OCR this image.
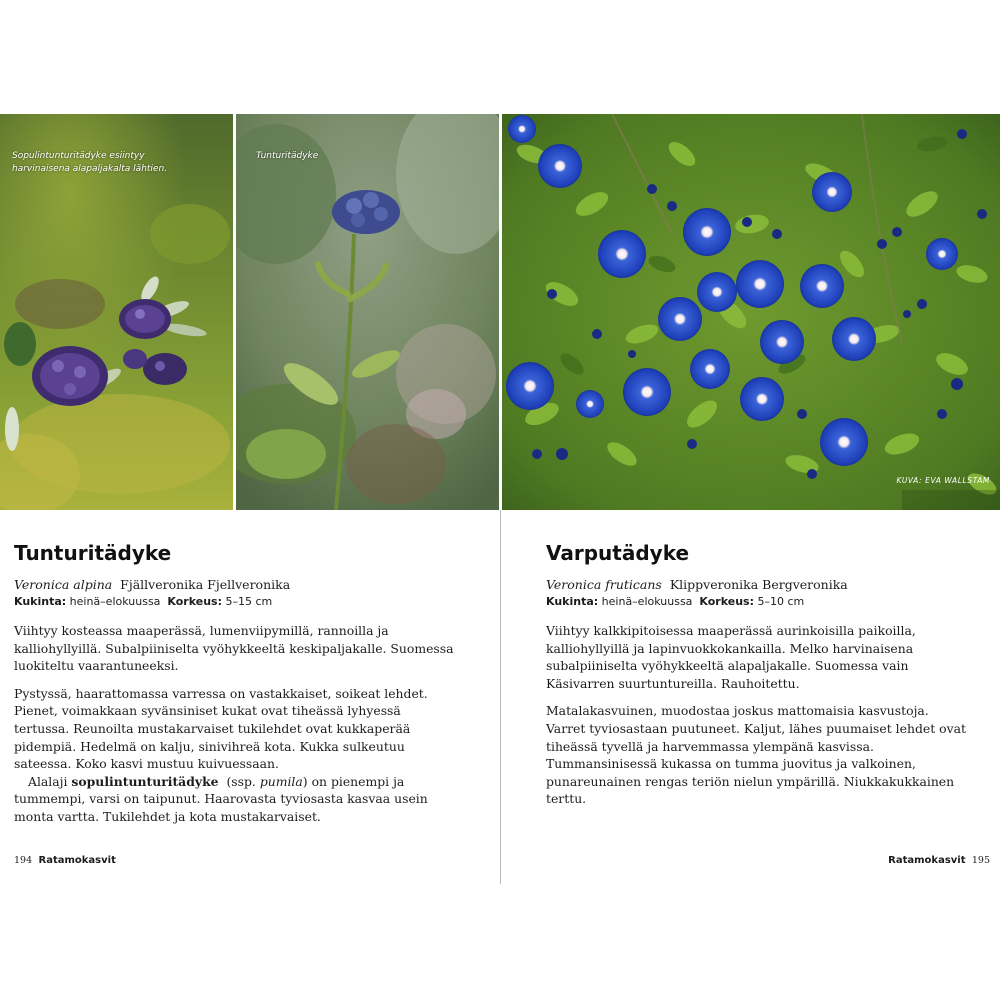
Sopulintunturitädyke esiintyy harvinaisena alapaljakalta lähtien.
Tunturitädyke
Tunturitädyke

Veronica alpina Fjällveronika Fjellveronika

Kukinta: heinä–elokuussa Korkeus: 5–15 cm

Viihtyy kosteassa maaperässä, lumenviipymillä, rannoilla ja kalliohyllyillä. Subalpiiniselta vyöhykkeeltä keskipaljakalle. Suomessa luokiteltu vaarantuneeksi.

Pystyssä, haarattomassa varressa on vastakkaiset, soikeat lehdet. Pienet, voimakkaan syvänsiniset kukat ovat tiheässä lyhyessä tertussa. Reunoilta mustakarvaiset tukilehdet ovat kukkaperää pidempiä. Hedelmä on kalju, sinivihreä kota. Kukka sulkeutuu sateessa. Koko kasvi mustuu kuivuessaan.

Alalaji sopulintunturitädyke (ssp. pumila) on pienempi ja tummempi, varsi on taipunut. Haarovasta tyviosasta kasvaa usein monta vartta. Tukilehdet ja kota mustakarvaiset.

194 Ratamokasvit
KUVA: EVA WALLSTAM
Varputädyke

Veronica fruticans Klippveronika Bergveronika

Kukinta: heinä–elokuussa Korkeus: 5–10 cm

Viihtyy kalkkipitoisessa maaperässä aurinkoisilla paikoilla, kalliohyllyillä ja lapinvuokkokankailla. Melko harvinaisena subalpiiniselta vyöhykkeeltä alapaljakalle. Suomessa vain Käsivarren suurtuntureilla. Rauhoitettu.

Matalakasvuinen, muodostaa joskus mattomaisia kasvustoja. Varret tyviosastaan puutuneet. Kaljut, lähes puumaiset lehdet ovat tiheässä tyvellä ja harvemmassa ylempänä kasvissa. Tummansinisessä kukassa on tumma juovitus ja valkoinen, punareunainen rengas teriön nielun ympärillä. Niukkakukkainen terttu.

Ratamokasvit 195
